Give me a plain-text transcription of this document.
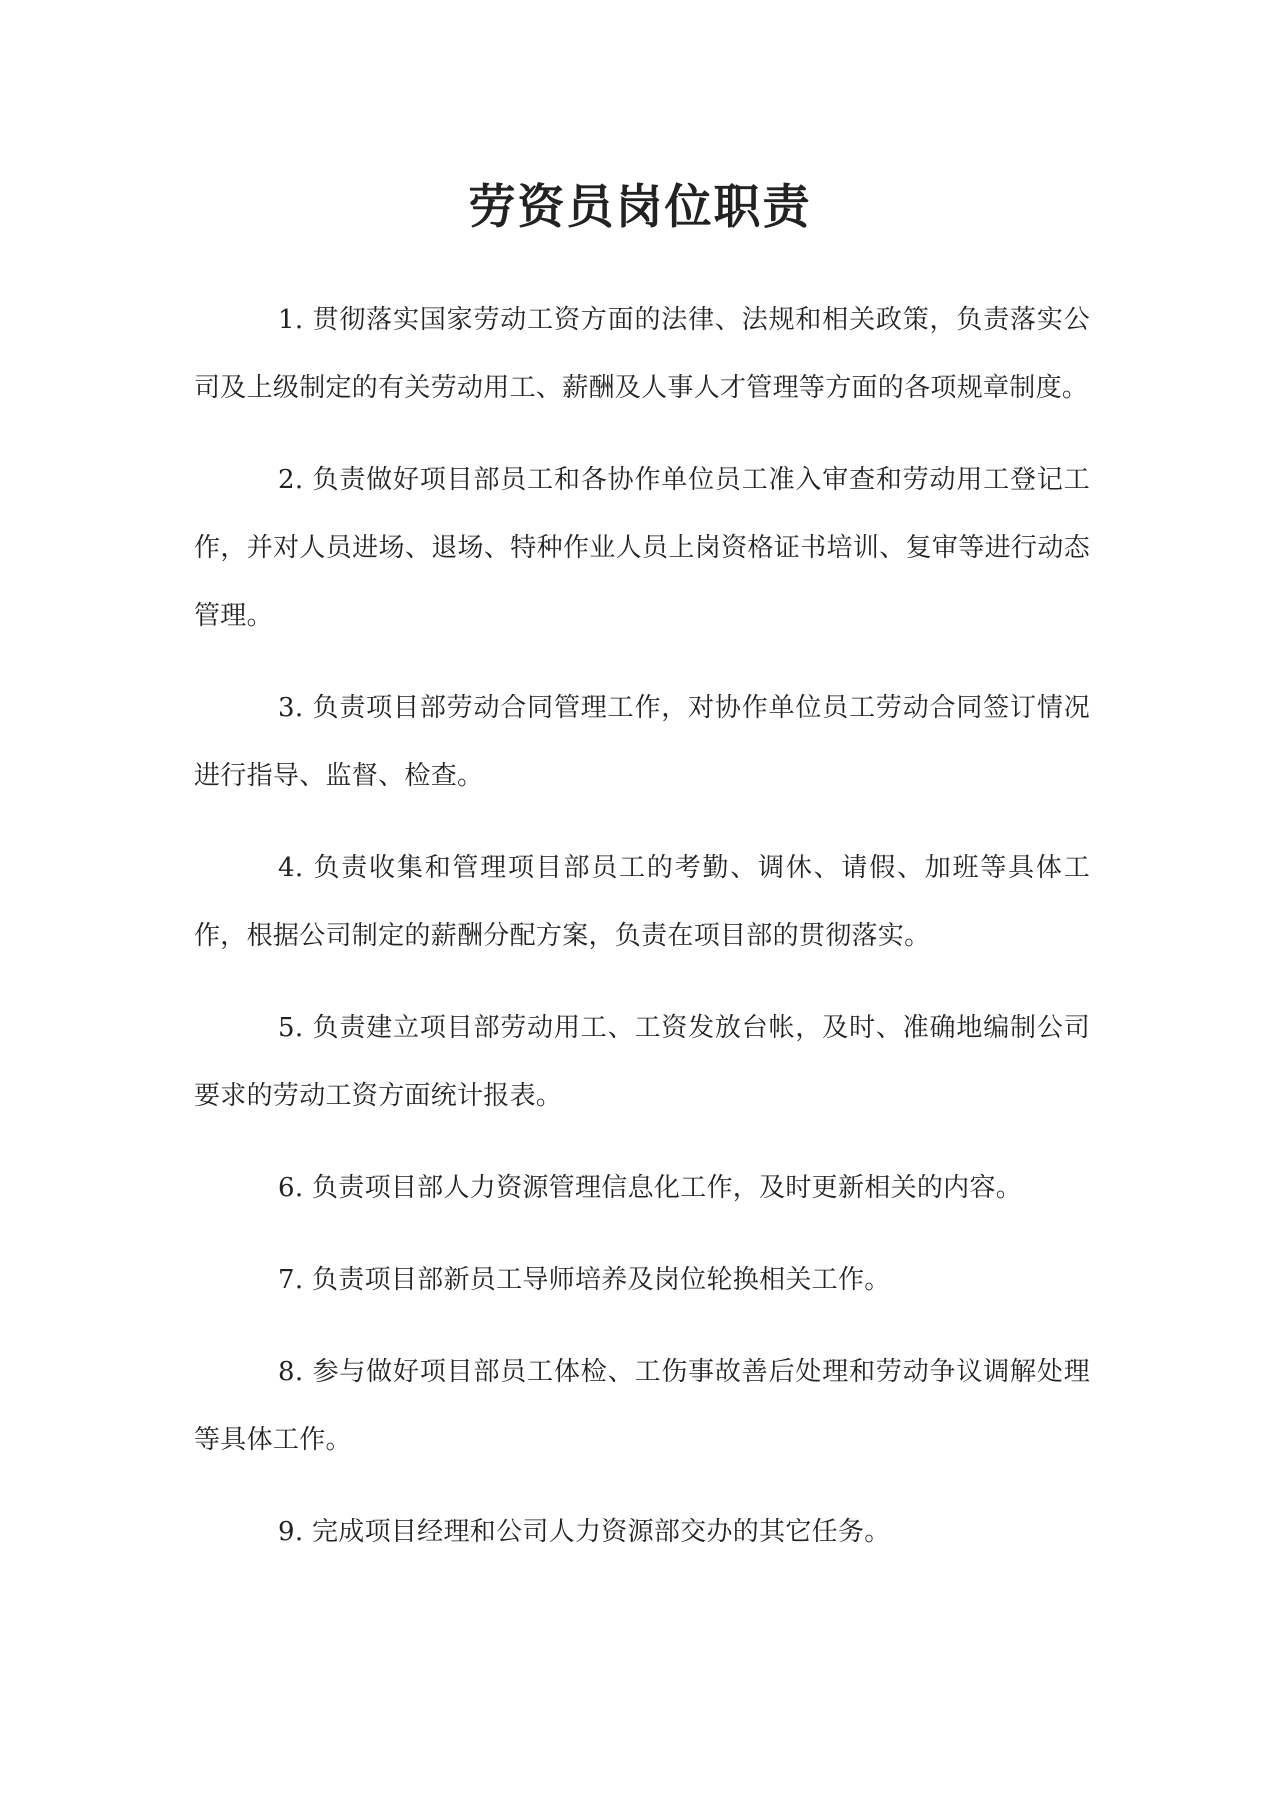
劳资员岗位职责

1. 贯彻落实国家劳动工资方面的法律、法规和相关政策，负责落实公司及上级制定的有关劳动用工、薪酬及人事人才管理等方面的各项规章制度。

2. 负责做好项目部员工和各协作单位员工准入审查和劳动用工登记工作，并对人员进场、退场、特种作业人员上岗资格证书培训、复审等进行动态管理。

3. 负责项目部劳动合同管理工作，对协作单位员工劳动合同签订情况进行指导、监督、检查。

4. 负责收集和管理项目部员工的考勤、调休、请假、加班等具体工作，根据公司制定的薪酬分配方案，负责在项目部的贯彻落实。

5. 负责建立项目部劳动用工、工资发放台帐，及时、准确地编制公司要求的劳动工资方面统计报表。

6. 负责项目部人力资源管理信息化工作，及时更新相关的内容。

7. 负责项目部新员工导师培养及岗位轮换相关工作。

8. 参与做好项目部员工体检、工伤事故善后处理和劳动争议调解处理等具体工作。

9. 完成项目经理和公司人力资源部交办的其它任务。
